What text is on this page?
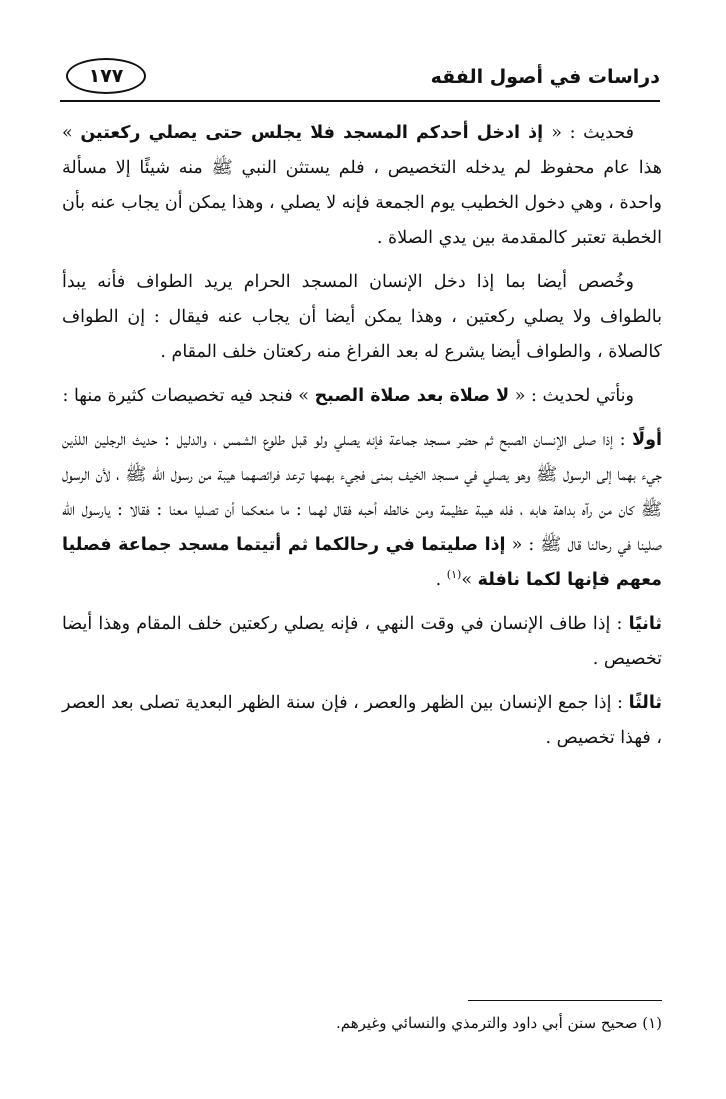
دراسات في أصول الفقه
١٧٧

فحديث : « إذ ادخل أحدكم المسجد فلا يجلس حتى يصلي ركعتين » هذا عام محفوظ لم يدخله التخصيص ، فلم يستثن النبي ﷺ منه شيئًا إلا مسألة واحدة ، وهي دخول الخطيب يوم الجمعة فإنه لا يصلي ، وهذا يمكن أن يجاب عنه بأن الخطبة تعتبر كالمقدمة بين يدي الصلاة .

وخُصص أيضا بما إذا دخل الإنسان المسجد الحرام يريد الطواف فأنه يبدأ بالطواف ولا يصلي ركعتين ، وهذا يمكن أيضا أن يجاب عنه فيقال : إن الطواف كالصلاة ، والطواف أيضا يشرع له بعد الفراغ منه ركعتان خلف المقام .

ونأتي لحديث : « لا صلاة بعد صلاة الصبح » فنجد فيه تخصيصات كثيرة منها :

أولًا : إذا صلى الإنسان الصبح ثم حضر مسجد جماعة فإنه يصلي ولو قبل طلوع الشمس ، والدليل : حديث الرجلين اللذين جيء بهما إلى الرسول ﷺ وهو يصلي في مسجد الخيف بمنى فجيء بهمها ترعد فرائصهما هيبة من رسول اللّه ﷺ ، لأن الرسول ﷺ كان من رآه بداهة هابه ، فله هيبة عظيمة ومن خالطه أحبه فقال لهما : ما منعكما أن تصليا معنا : فقالا : يارسول اللّه صلينا في رحالنا قال ﷺ : « إذا صليتما في رحالكما ثم أتيتما مسجد جماعة فصليا معهم فإنها لكما نافلة »$^{(١)}$ .

ثانيًا : إذا طاف الإنسان في وقت النهي ، فإنه يصلي ركعتين خلف المقام وهذا أيضا تخصيص .

ثالثًا : إذا جمع الإنسان بين الظهر والعصر ، فإن سنة الظهر البعدية تصلى بعد العصر ، فهذا تخصيص .

(١) صحيح سنن أبي داود والترمذي والنسائي وغيرهم.
